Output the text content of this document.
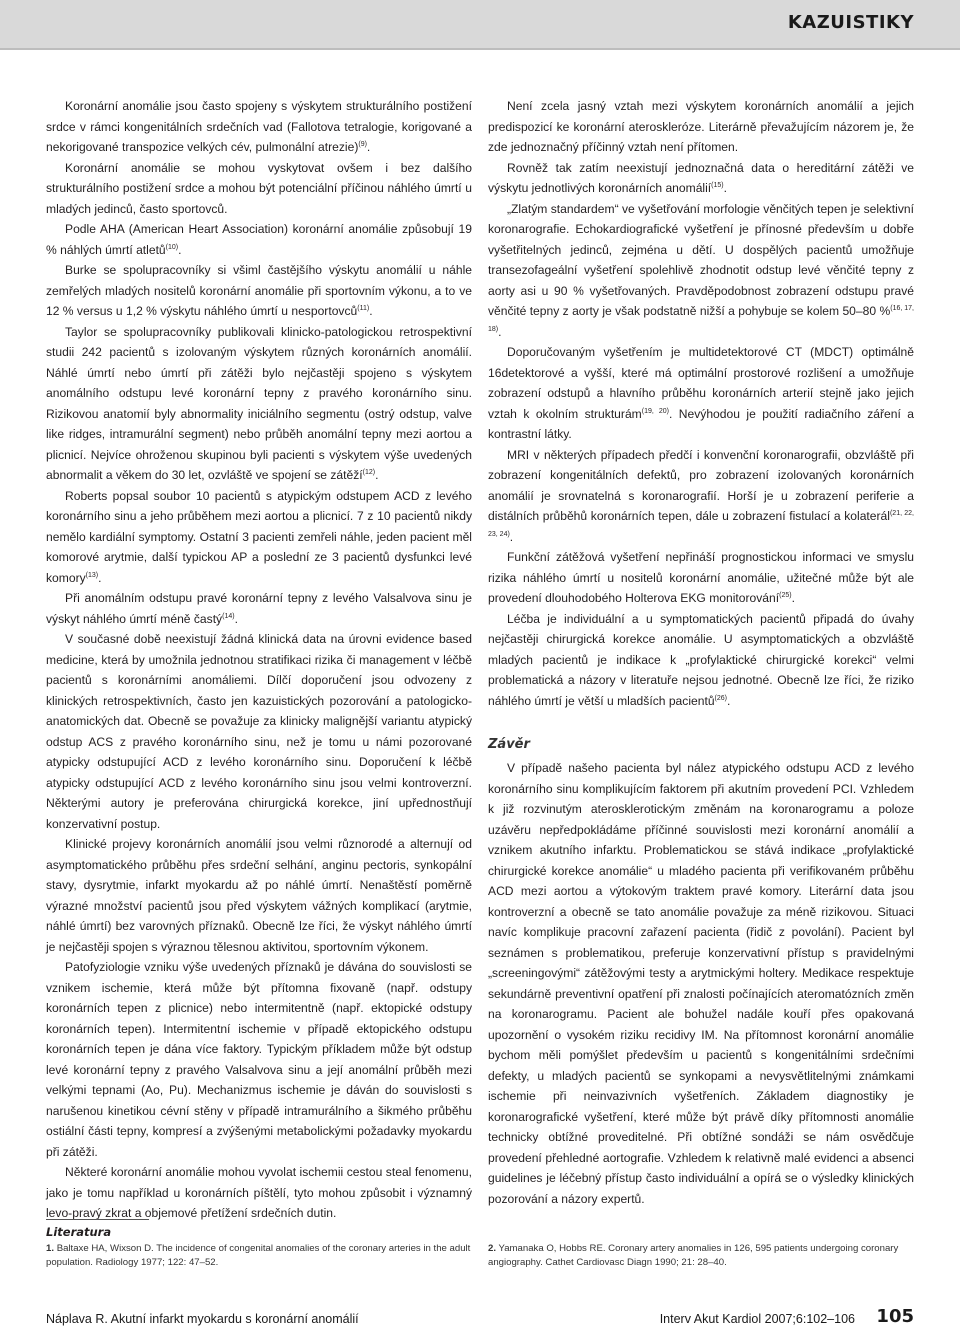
KAZUISTIKY

Koronární anomálie jsou často spojeny s výskytem strukturálního postižení srdce v rámci kongenitálních srdečních vad (Fallotova tetralogie, korigované a nekorigované transpozice velkých cév, pulmonální atrezie)$^{(9)}$.

Koronární anomálie se mohou vyskytovat ovšem i bez dalšího strukturálního postižení srdce a mohou být potenciální příčinou náhlého úmrtí u mladých jedinců, často sportovců.

Podle AHA (American Heart Association) koronární anomálie způsobují 19 % náhlých úmrtí atletů$^{(10)}$.

Burke se spolupracovníky si všiml častějšího výskytu anomálií u náhle zemřelých mladých nositelů koronární anomálie při sportovním výkonu, a to ve 12 % versus u 1,2 % výskytu náhlého úmrtí u nesportovců$^{(11)}$.

Taylor se spolupracovníky publikovali klinicko-patologickou retrospektivní studii 242 pacientů s izolovaným výskytem různých koronárních anomálií. Náhlé úmrtí nebo úmrtí při zátěži bylo nejčastěji spojeno s výskytem anomálního odstupu levé koronární tepny z pravého koronárního sinu. Rizikovou anatomií byly abnormality iniciálního segmentu (ostrý odstup, valve like ridges, intramurální segment) nebo průběh anomální tepny mezi aortou a plicnicí. Nejvíce ohroženou skupinou byli pacienti s výskytem výše uvedených abnormalit a věkem do 30 let, ozvláště ve spojení se zátěží$^{(12)}$.

Roberts popsal soubor 10 pacientů s atypickým odstupem ACD z levého koronárního sinu a jeho průběhem mezi aortou a plicnicí. 7 z 10 pacientů nikdy nemělo kardiální symptomy. Ostatní 3 pacienti zemřeli náhle, jeden pacient měl komorové arytmie, další typickou AP a poslední ze 3 pacientů dysfunkci levé komory$^{(13)}$.

Při anomálním odstupu pravé koronární tepny z levého Valsalvova sinu je výskyt náhlého úmrtí méně častý$^{(14)}$.

V současné době neexistují žádná klinická data na úrovni evidence based medicine, která by umožnila jednotnou stratifikaci rizika či management v léčbě pacientů s koronárními anomáliemi. Dílčí doporučení jsou odvozeny z klinických retrospektivních, často jen kazuistických pozorování a patologicko-anatomických dat. Obecně se považuje za klinicky malignější variantu atypický odstup ACS z pravého koronárního sinu, než je tomu u námi pozorované atypicky odstupující ACD z levého koronárního sinu. Doporučení k léčbě atypicky odstupující ACD z levého koronárního sinu jsou velmi kontroverzní. Některými autory je preferována chirurgická korekce, jiní upřednostňují konzervativní postup.

Klinické projevy koronárních anomálií jsou velmi různorodé a alternují od asymptomatického průběhu přes srdeční selhání, anginu pectoris, synkopální stavy, dysrytmie, infarkt myokardu až po náhlé úmrtí. Nenaštěstí poměrně výrazné množství pacientů jsou před výskytem vážných komplikací (arytmie, náhlé úmrtí) bez varovných příznaků. Obecně lze říci, že výskyt náhlého úmrtí je nejčastěji spojen s výraznou tělesnou aktivitou, sportovním výkonem.

Patofyziologie vzniku výše uvedených příznaků je dávána do souvislosti se vznikem ischemie, která může být přítomna fixovaně (např. odstupy koronárních tepen z plicnice) nebo intermitentně (např. ektopické odstupy koronárních tepen). Intermitentní ischemie v případě ektopického odstupu koronárních tepen je dána více faktory. Typickým příkladem může být odstup levé koronární tepny z pravého Valsalvova sinu a její anomální průběh mezi velkými tepnami (Ao, Pu). Mechanizmus ischemie je dáván do souvislosti s narušenou kinetikou cévní stěny v případě intramurálního a šikmého průběhu ostiální části tepny, kompresí a zvýšenými metabolickými požadavky myokardu při zátěži.

Některé koronární anomálie mohou vyvolat ischemii cestou steal fenomenu, jako je tomu například u koronárních píštělí, tyto mohou způsobit i významný levo-pravý zkrat a objemové přetížení srdečních dutin.

Není zcela jasný vztah mezi výskytem koronárních anomálií a jejich predispozicí ke koronární ateroskleróze. Literárně převažujícím názorem je, že zde jednoznačný příčinný vztah není přítomen.

Rovněž tak zatím neexistují jednoznačná data o hereditární zátěži ve výskytu jednotlivých koronárních anomálií$^{(15)}$.

„Zlatým standardem“ ve vyšetřování morfologie věnčitých tepen je selektivní koronarografie. Echokardiografické vyšetření je přínosné především u dobře vyšetřitelných jedinců, zejména u dětí. U dospělých pacientů umožňuje transezofageální vyšetření spolehlivě zhodnotit odstup levé věnčité tepny z aorty asi u 90 % vyšetřovaných. Pravděpodobnost zobrazení odstupu pravé věnčité tepny z aorty je však podstatně nižší a pohybuje se kolem 50–80 %$^{(16, 17, 18)}$.

Doporučovaným vyšetřením je multidetektorové CT (MDCT) optimálně 16detektorové a vyšší, které má optimální prostorové rozlišení a umožňuje zobrazení odstupů a hlavního průběhu koronárních arterií stejně jako jejich vztah k okolním strukturám$^{(19, 20)}$. Nevýhodou je použití radiačního záření a kontrastní látky.

MRI v některých případech předčí i konvenční koronarografii, obzvláště při zobrazení kongenitálních defektů, pro zobrazení izolovaných koronárních anomálií je srovnatelná s koronarografií. Horší je u zobrazení periferie a distálních průběhů koronárních tepen, dále u zobrazení fistulací a kolaterál$^{(21, 22, 23, 24)}$.

Funkční zátěžová vyšetření nepřináší prognostickou informaci ve smyslu rizika náhlého úmrtí u nositelů koronární anomálie, užitečné může být ale provedení dlouhodobého Holterova EKG monitorování$^{(25)}$.

Léčba je individuální a u symptomatických pacientů připadá do úvahy nejčastěji chirurgická korekce anomálie. U asymptomatických a obzvláště mladých pacientů je indikace k „profylaktické chirurgické korekci“ velmi problematická a názory v literatuře nejsou jednotné. Obecně lze říci, že riziko náhlého úmrtí je větší u mladších pacientů$^{(26)}$.

Závěr

V případě našeho pacienta byl nález atypického odstupu ACD z levého koronárního sinu komplikujícím faktorem při akutním provedení PCI. Vzhledem k již rozvinutým aterosklerotickým změnám na koronarogramu a poloze uzávěru nepředpokládáme příčinné souvislosti mezi koronární anomálií a vznikem akutního infarktu. Problematickou se stává indikace „profylaktické chirurgické korekce anomálie“ u mladého pacienta při verifikovaném průběhu ACD mezi aortou a výtokovým traktem pravé komory. Literární data jsou kontroverzní a obecně se tato anomálie považuje za méně rizikovou. Situaci navíc komplikuje pracovní zařazení pacienta (řidič z povolání). Pacient byl seznámen s problematikou, preferuje konzervativní přístup s pravidelnými „screeningovými“ zátěžovými testy a arytmickými holtery. Medikace respektuje sekundárně preventivní opatření při znalosti počínajících ateromatózních změn na koronarogramu. Pacient ale bohužel nadále kouří přes opakovaná upozornění o vysokém riziku recidivy IM. Na přítomnost koronární anomálie bychom měli pomýšlet především u pacientů s kongenitálními srdečními defekty, u mladých pacientů se synkopami a nevysvětlitelnými známkami ischemie při neinvazivních vyšetřeních. Základem diagnostiky je koronarografické vyšetření, které může být právě díky přítomnosti anomálie technicky obtížné proveditelné. Při obtížné sondáži se nám osvědčuje provedení přehledné aortografie. Vzhledem k relativně malé evidenci a absenci guidelines je léčebný přístup často individuální a opírá se o výsledky klinických pozorování a názory expertů.

Literatura
1. Baltaxe HA, Wixson D. The incidence of congenital anomalies of the coronary arteries in the adult population. Radiology 1977; 122: 47–52.
2. Yamanaka O, Hobbs RE. Coronary artery anomalies in 126, 595 patients undergoing coronary angiography. Cathet Cardiovasc Diagn 1990; 21: 28–40.
Náplava R. Akutní infarkt myokardu s koronární anomálií	Interv Akut Kardiol 2007;6:102–106 105
